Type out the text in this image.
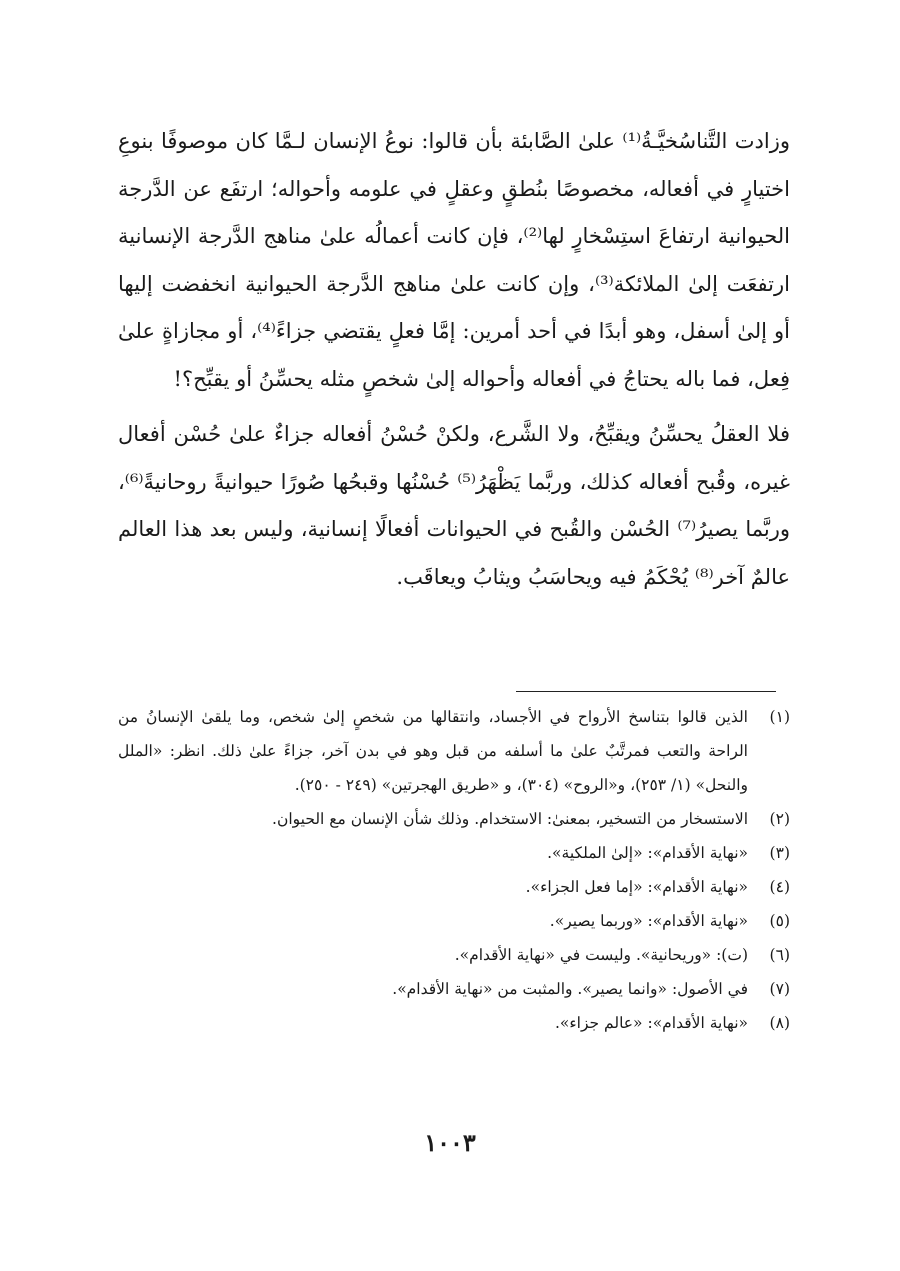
وزادت التَّناسُخيَّـةُ⁽¹⁾ علىٰ الصَّابئة بأن قالوا: نوعُ الإنسان لـمَّا كان موصوفًا بنوعِ اختيارٍ في أفعاله، مخصوصًا بنُطقٍ وعقلٍ في علومه وأحواله؛ ارتفَع عن الدَّرجة الحيوانية ارتفاعَ استِسْخارٍ لها⁽²⁾، فإن كانت أعمالُه علىٰ مناهج الدَّرجة الإنسانية ارتفعَت إلىٰ الملائكة⁽³⁾، وإن كانت علىٰ مناهج الدَّرجة الحيوانية انخفضت إليها أو إلىٰ أسفل، وهو أبدًا في أحد أمرين: إمَّا فعلٍ يقتضي جزاءً⁽⁴⁾، أو مجازاةٍ علىٰ فِعل، فما باله يحتاجُ في أفعاله وأحواله إلىٰ شخصٍ مثله يحسِّنُ أو يقبِّح؟!

فلا العقلُ يحسِّنُ ويقبِّحُ، ولا الشَّرع، ولكنْ حُسْنُ أفعاله جزاءٌ علىٰ حُسْن أفعال غيره، وقُبح أفعاله كذلك، وربَّما يَظْهَرُ⁽⁵⁾ حُسْنُها وقبحُها صُورًا حيوانيةً روحانيةً⁽⁶⁾، وربَّما يصيرُ⁽⁷⁾ الحُسْن والقُبح في الحيوانات أفعالًا إنسانية، وليس بعد هذا العالم عالمٌ آخر⁽⁸⁾ يُحْكَمُ فيه ويحاسَبُ ويثابُ ويعاقَب.

(١)
الذين قالوا بتناسخ الأرواح في الأجساد، وانتقالها من شخصٍ إلىٰ شخص، وما يلقىٰ الإنسانُ من الراحة والتعب فمرتَّبٌ علىٰ ما أسلفه من قبل وهو في بدن آخر، جزاءً علىٰ ذلك. انظر: «الملل والنحل» (١/ ٢٥٣)، و«الروح» (٣٠٤)، و «طريق الهجرتين» (٢٤٩ - ٢٥٠).
(٢)
الاستسخار من التسخير، بمعنىٰ: الاستخدام. وذلك شأن الإنسان مع الحيوان.
(٣)
«نهاية الأقدام»: «إلىٰ الملكية».
(٤)
«نهاية الأقدام»: «إما فعل الجزاء».
(٥)
«نهاية الأقدام»: «وربما يصير».
(٦)
(ت): «وريحانية». وليست في «نهاية الأقدام».
(٧)
في الأصول: «وانما يصير». والمثبت من «نهاية الأقدام».
(٨)
«نهاية الأقدام»: «عالم جزاء».
١٠٠٣
